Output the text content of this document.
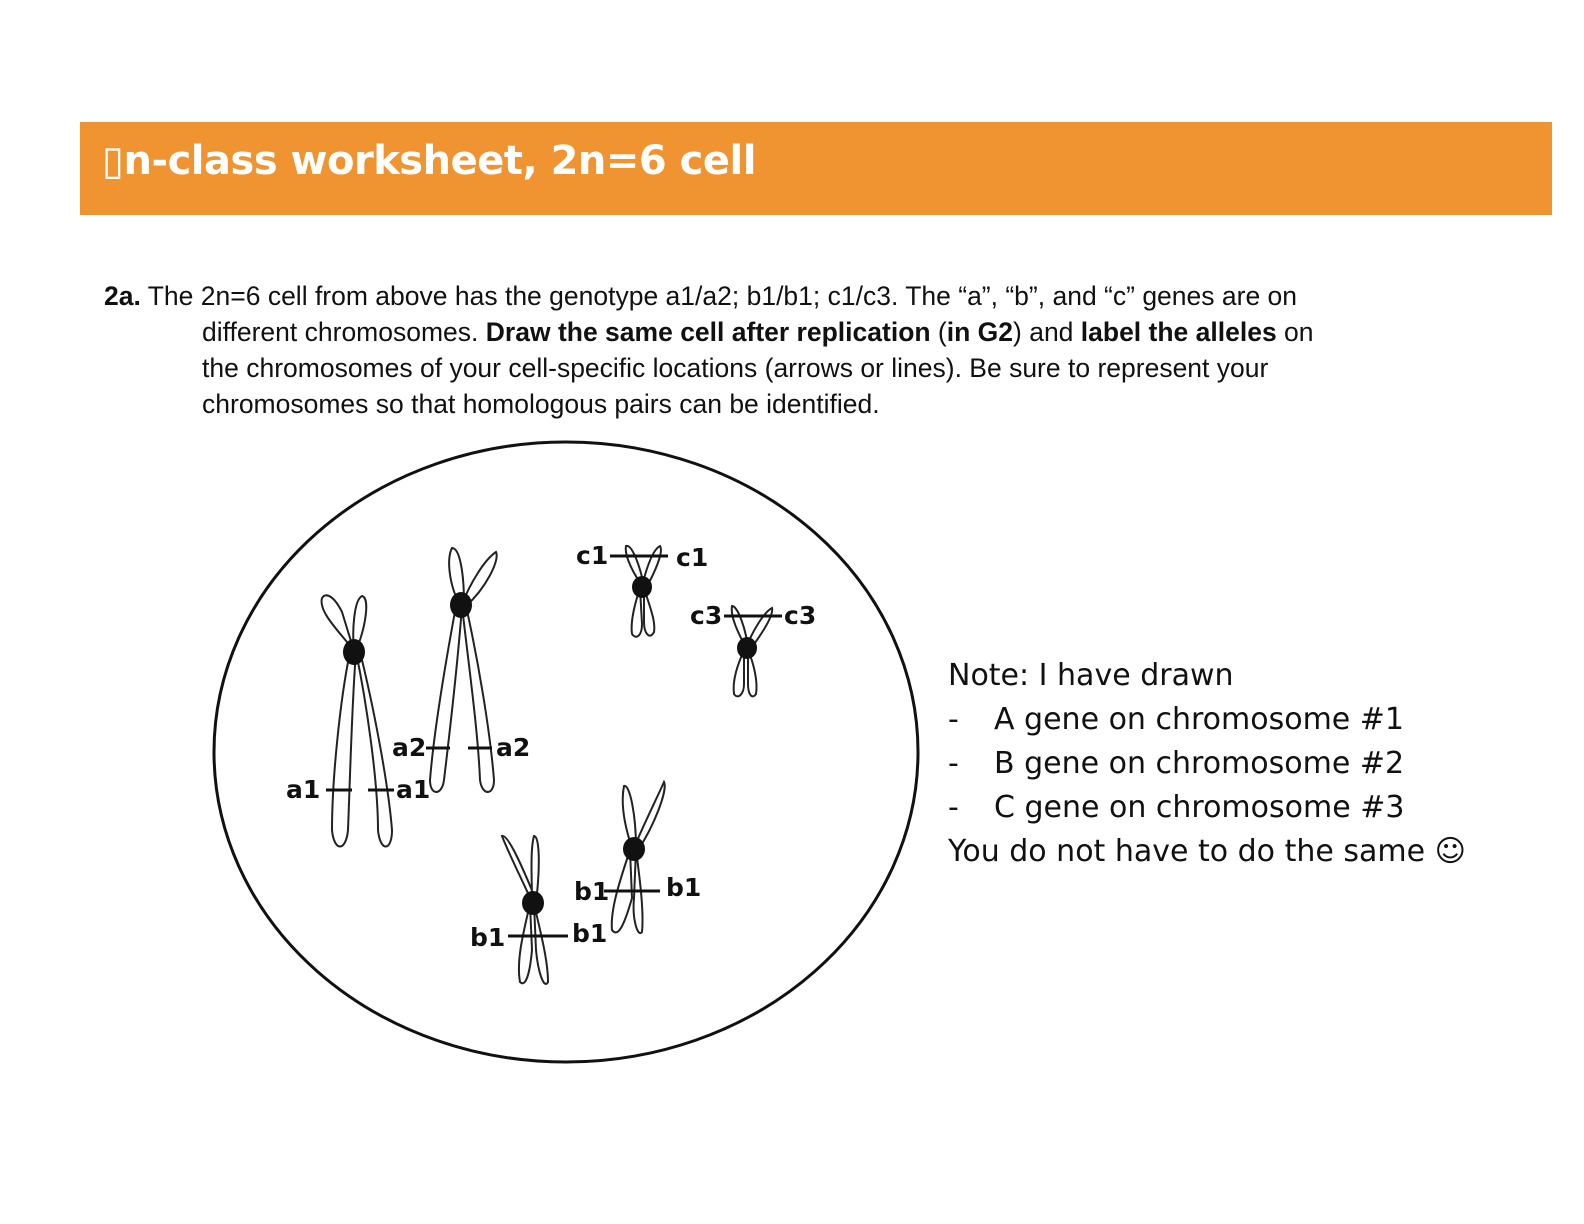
▯n-class worksheet, 2n=6 cell
2a. The 2n=6 cell from above has the genotype a1/a2; b1/b1; c1/c3. The “a”, “b”, and “c” genes are on
different chromosomes. Draw the same cell after replication (in G2) and label the alleles on
the chromosomes of your cell-specific locations (arrows or lines). Be sure to represent your
chromosomes so that homologous pairs can be identified.
a1	a1
a2	a2
c1	c1
c3 c3
b1 b1
b1	b1
Note: I have drawn
-	A gene on chromosome #1
-	B gene on chromosome #2
-	C gene on chromosome #3
You do not have to do the same ☺
